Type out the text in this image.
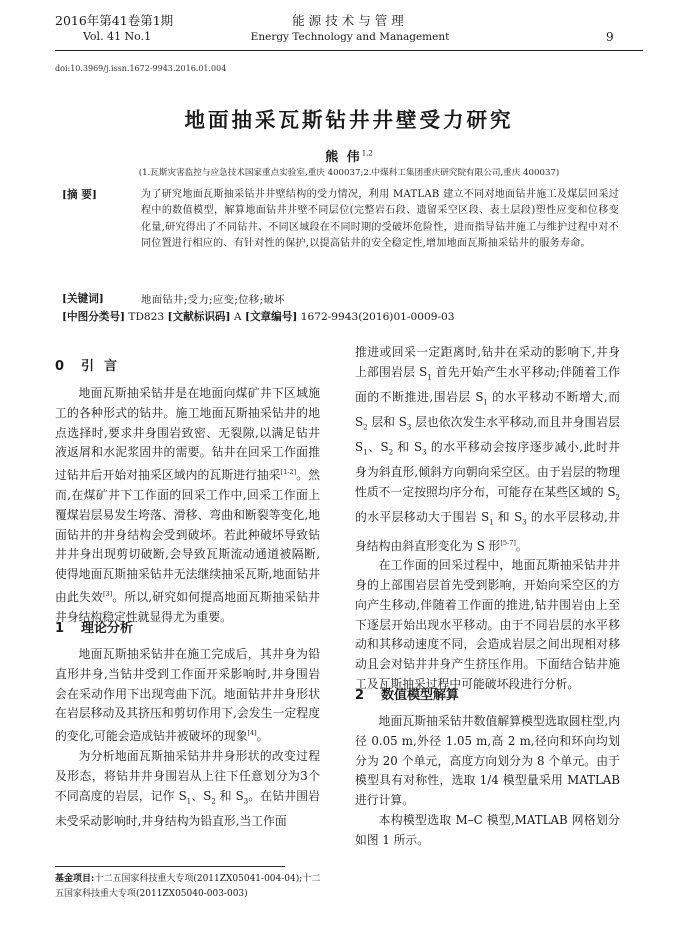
2016年第41卷第1期
Vol. 41 No.1
能源技术与管理
Energy Technology and Management	9
doi:10.3969/j.issn.1672-9943.2016.01.004
地面抽采瓦斯钻井井壁受力研究
熊 伟$^{1,2}$
(1.瓦斯灾害监控与应急技术国家重点实验室,重庆 400037;2.中煤科工集团重庆研究院有限公司,重庆 400037)
[摘 要]	为了研究地面瓦斯抽采钻井井壁结构的受力情况，利用 MATLAB 建立不同对地面钻井施工及煤层回采过程中的数值模型，解算地面钻井井壁不同层位(完整岩石段、遗留采空区段、表土层段)塑性应变和位移变化量,研究得出了不同钻井、不同区域段在不同时期的受破坏危险性，进而指导钻井施工与维护过程中对不同位置进行相应的、有针对性的保护,以提高钻井的安全稳定性,增加地面瓦斯抽采钻井的服务寿命。
[关键词]	地面钻井;受力;应变;位移;破坏
[中图分类号] TD823 [文献标识码] A [文章编号] 1672-9943(2016)01-0009-03
0 引言

地面瓦斯抽采钻井是在地面向煤矿井下区域施工的各种形式的钻井。施工地面瓦斯抽采钻井的地点选择时,要求井身围岩致密、无裂隙,以满足钻井液返屑和水泥浆固井的需要。钻井在回采工作面推过钻井后开始对抽采区域内的瓦斯进行抽采[1-2]。然而,在煤矿井下工作面的回采工作中,回采工作面上覆煤岩层易发生垮落、滑移、弯曲和断裂等变化,地面钻井的井身结构会受到破坏。若此种破坏导致钻井井身出现剪切破断,会导致瓦斯流动通道被隔断,使得地面瓦斯抽采钻井无法继续抽采瓦斯,地面钻井由此失效[3]。所以,研究如何提高地面瓦斯抽采钻井井身结构稳定性就显得尤为重要。

1 理论分析

地面瓦斯抽采钻井在施工完成后，其井身为铅直形井身,当钻井受到工作面开采影响时,井身围岩会在采动作用下出现弯曲下沉。地面钻井井身形状在岩层移动及其挤压和剪切作用下,会发生一定程度的变化,可能会造成钻井被破坏的现象[4]。

为分析地面瓦斯抽采钻井井身形状的改变过程及形态，将钻井井身围岩从上往下任意划分为3个不同高度的岩层，记作 $S_1$、$S_2$ 和 $S_3$。在钻井围岩未受采动影响时,井身结构为铅直形,当工作面

推进或回采一定距离时,钻井在采动的影响下,井身上部围岩层 $S_1$ 首先开始产生水平移动;伴随着工作面的不断推进,围岩层 $S_1$ 的水平移动不断增大,而 $S_2$ 层和 $S_3$ 层也依次发生水平移动,而且井身围岩层 $S_1$、$S_2$ 和 $S_3$ 的水平移动会按序逐步减小,此时井身为斜直形,倾斜方向朝向采空区。由于岩层的物理性质不一定按照均序分布，可能存在某些区域的 $S_2$ 的水平层移动大于围岩 $S_1$ 和 $S_3$ 的水平层移动,井身结构由斜直形变化为 S 形[5-7]。

在工作面的回采过程中，地面瓦斯抽采钻井井身的上部围岩层首先受到影响，开始向采空区的方向产生移动,伴随着工作面的推进,钻井围岩由上至下逐层开始出现水平移动。由于不同岩层的水平移动和其移动速度不同，会造成岩层之间出现相对移动且会对钻井井身产生挤压作用。下面结合钻井施工及瓦斯抽采过程中可能破坏段进行分析。

2 数值模型解算

地面瓦斯抽采钻井数值解算模型选取圆柱型,内径 0.05 m,外径 1.05 m,高 2 m,径向和环向均划分为 20 个单元，高度方向划分为 8 个单元。由于模型具有对称性，选取 1/4 模型量采用 MATLAB 进行计算。

本构模型选取 M–C 模型,MATLAB 网格划分如图 1 所示。

基金项目:十二五国家科技重大专项(2011ZX05041-004-04);十二五国家科技重大专项(2011ZX05040-003-003)
